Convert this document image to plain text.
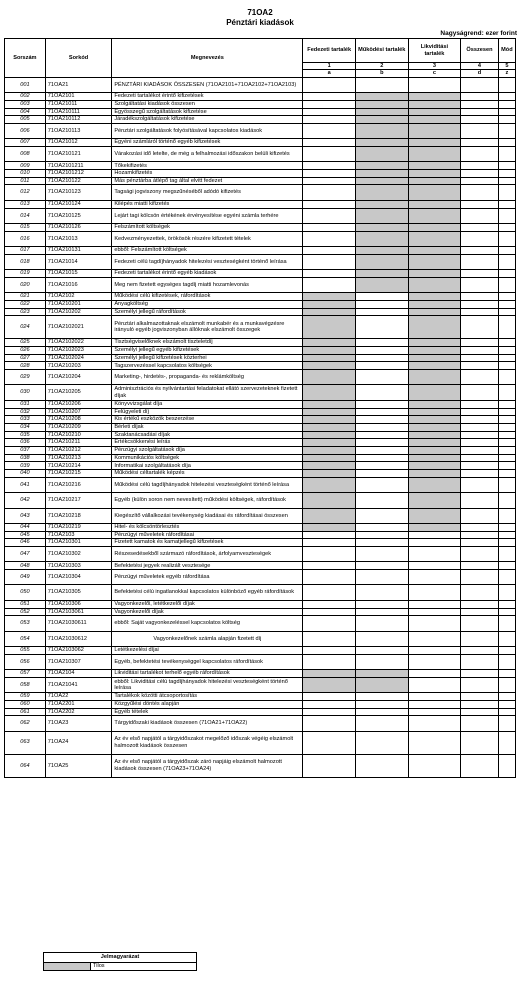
71OA2
Pénztári kiadások
Nagyságrend: ezer forint
Sorszám	Sorkód	Megnevezés	Fedezeti tartalék	Működési tartalék	Likviditási tartalék	Összesen	Mód
			1	2	3	4	5
			a	b	c	d	z
001	71OA21	PÉNZTÁRI KIADÁSOK ÖSSZESEN (71OA2101+71OA2102+71OA2103)					
002	71OA2101	Fedezeti tartalékot érintő kifizetések					
003	71OA21011	Szolgáltatási kiadások összesen					
004	71OA210111	Egyösszegű szolgáltatások kifizetése					
005	71OA210112	Járadékszolgáltatások kifizetése					
006	71OA210113	Pénztári szolgáltatások folyósításával kapcsolatos kiadások					
007	71OA21012	Egyéni számláról történő egyéb kifizetések					
008	71OA210121	Várakozási idő letelte, de még a felhalmozási időszakon belüli kifizetés					
009	71OA2101211	Tőkekifizetés					
010	71OA2101212	Hozamkifizetés					
011	71OA210122	Más pénztárba átlépő tag által elvitt fedezet					
012	71OA210123	Tagsági jogviszony megszűnéséből adódó kifizetés					
013	71OA210124	Kilépés miatti kifizetés					
014	71OA210125	Lejárt tagi kölcsön értékének érvényesítése egyéni számla terhére					
015	71OA210126	Felszámított költségek					
016	71OA21013	Kedvezményezettek, örökösök részére kifizetett tételek					
017	71OA210131	ebből: Felszámított költségek					
018	71OA21014	Fedezeti célú tagdíjhányadok hitelezési veszteségként történő leírása					
019	71OA21015	Fedezeti tartalékot érintő egyéb kiadások					
020	71OA21016	Meg nem fizetett egységes tagdíj miatti hozamlevonás					
021	71OA2102	Működési célú kifizetések, ráfordítások					
022	71OA210201	Anyagköltség					
023	71OA210202	Személyi jellegű ráfordítások					
024	71OA2102021	Pénztári alkalmazottaknak elszámolt munkabér és a munkavégzésre irányuló egyéb jogviszonyban állóknak elszámolt összegek					
025	71OA2102022	Tisztségviselőknek elszámolt tiszteletdíj					
026	71OA2102023	Személyi jellegű egyéb kifizetések					
027	71OA2102024	Személyi jellegű kifizetések közterhei					
028	71OA210203	Tagszervezéssel kapcsolatos költségek					
029	71OA210204	Marketing-, hirdetés-, propaganda- és reklámköltség					
030	71OA210205	Adminisztrációs és nyilvántartási feladatokat ellátó szervezeteknek fizetett díjak					
031	71OA210206	Könyvvizsgálat díja					
032	71OA210207	Felügyeleti díj					
033	71OA210208	Kis értékű eszközök beszerzése					
034	71OA210209	Bérleti díjak					
035	71OA210210	Szaktanácsadási díjak					
036	71OA210211	Értékcsökkenési leírás					
037	71OA210212	Pénzügyi szolgáltatások díja					
038	71OA210213	Kommunikációs költségek					
039	71OA210214	Informatikai szolgáltatások díja					
040	71OA210215	Működési céltartalék képzés					
041	71OA210216	Működési célú tagdíjhányadok hitelezési veszteségként történő leírása					
042	71OA210217	Egyéb (külön soron nem nevesített) működési költségek, ráfordítások					
043	71OA210218	Kiegészítő vállalkozási tevékenység kiadásai és ráfordításai összesen					
044	71OA210219	Hitel- és kölcsöntörlesztés					
045	71OA2103	Pénzügyi műveletek ráfordításai					
046	71OA210301	Fizetett kamatok és kamatjellegű kifizetések					
047	71OA210302	Részesedésekből származó ráfordítások, árfolyamveszteségek					
048	71OA210303	Befektetési jegyek realizált vesztesége					
049	71OA210304	Pénzügyi műveletek egyéb ráfordítása					
050	71OA210305	Befektetési célú ingatlanokkal kapcsolatos különböző egyéb ráfordítások					
051	71OA210306	Vagyonkezelői, letétkezelői díjak					
052	71OA2103061	Vagyonkezelői díjak					
053	71OA21030611	ebből: Saját vagyonkezeléssel kapcsolatos költség					
054	71OA21030612	Vagyonkezelőnek számla alapján fizetett díj					
055	71OA2103062	Letétkezelési díjai					
056	71OA210307	Egyéb, befektetési tevékenységgel kapcsolatos ráfordítások					
057	71OA2104	Likviditási tartalékot terhelő egyéb ráfordítások					
058	71OA21041	ebből: Likviditási célú tagdíjhányadok hitelezési veszteségként történő leírása					
059	71OA22	Tartalékok közötti átcsoportosítás					
060	71OA2201	Közgyűlési döntés alapján					
061	71OA2202	Egyéb tételek					
062	71OA23	Tárgyidőszaki kiadások összesen (71OA21+71OA22)					
063	71OA24	Az év első napjától a tárgyidőszakot megelőző időszak végéig elszámolt halmozott kiadások összesen					
064	71OA25	Az év első napjától a tárgyidőszak záró napjáig elszámolt halmozott kiadások összesen (71OA23+71OA24)					
Jelmagyarázat
	Tilos
